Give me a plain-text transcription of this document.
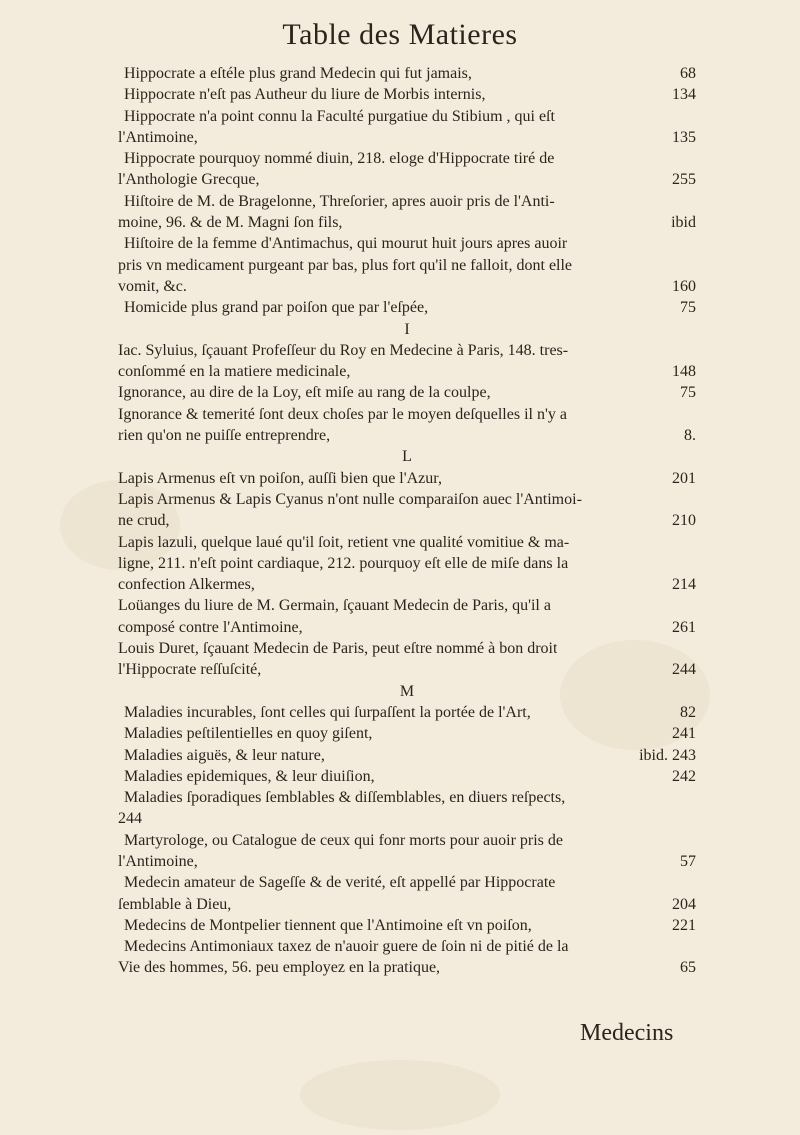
Table des Matieres
Hippocrate a eſtéle plus grand Medecin qui fut jamais,	68
Hippocrate n'eſt pas Autheur du liure de Morbis internis,	134
Hippocrate n'a point connu la Faculté purgatiue du Stibium , qui eſt
l'Antimoine,	135
Hippocrate pourquoy nommé diuin, 218. eloge d'Hippocrate tiré de
l'Anthologie Grecque,	255
Hiſtoire de M. de Bragelonne, Threſorier, apres auoir pris de l'Anti-
moine, 96. & de M. Magni ſon fils,	ibid
Hiſtoire de la femme d'Antimachus, qui mourut huit jours apres auoir
pris vn medicament purgeant par bas, plus fort qu'il ne falloit, dont elle
vomit, &c.	160
Homicide plus grand par poiſon que par l'eſpée,	75
I
Iac. Syluius, ſçauant Profeſſeur du Roy en Medecine à Paris, 148. tres-
conſommé en la matiere medicinale,	148
Ignorance, au dire de la Loy, eſt miſe au rang de la coulpe,	75
Ignorance & temerité ſont deux choſes par le moyen deſquelles il n'y a
rien qu'on ne puiſſe entreprendre,	8.
L
Lapis Armenus eſt vn poiſon, auſſi bien que l'Azur,	201
Lapis Armenus & Lapis Cyanus n'ont nulle comparaiſon auec l'Antimoi-
ne crud,	210
Lapis lazuli, quelque laué qu'il ſoit, retient vne qualité vomitiue & ma-
ligne, 211. n'eſt point cardiaque, 212. pourquoy eſt elle de miſe dans la
confection Alkermes,	214
Loüanges du liure de M. Germain, ſçauant Medecin de Paris, qu'il a
composé contre l'Antimoine,	261
Louis Duret, ſçauant Medecin de Paris, peut eſtre nommé à bon droit
l'Hippocrate reſſuſcité,	244
M
Maladies incurables, ſont celles qui ſurpaſſent la portée de l'Art,	82
Maladies peſtilentielles en quoy giſent,	241
Maladies aiguës, & leur nature,	ibid. 243
Maladies epidemiques, & leur diuiſion,	242
Maladies ſporadiques ſemblables & diſſemblables, en diuers reſpects,
244
Martyrologe, ou Catalogue de ceux qui fonr morts pour auoir pris de
l'Antimoine,	57
Medecin amateur de Sageſſe & de verité, eſt appellé par Hippocrate
ſemblable à Dieu,	204
Medecins de Montpelier tiennent que l'Antimoine eſt vn poiſon,	221
Medecins Antimoniaux taxez de n'auoir guere de ſoin ni de pitié de la
Vie des hommes, 56. peu employez en la pratique,	65
Medecins
